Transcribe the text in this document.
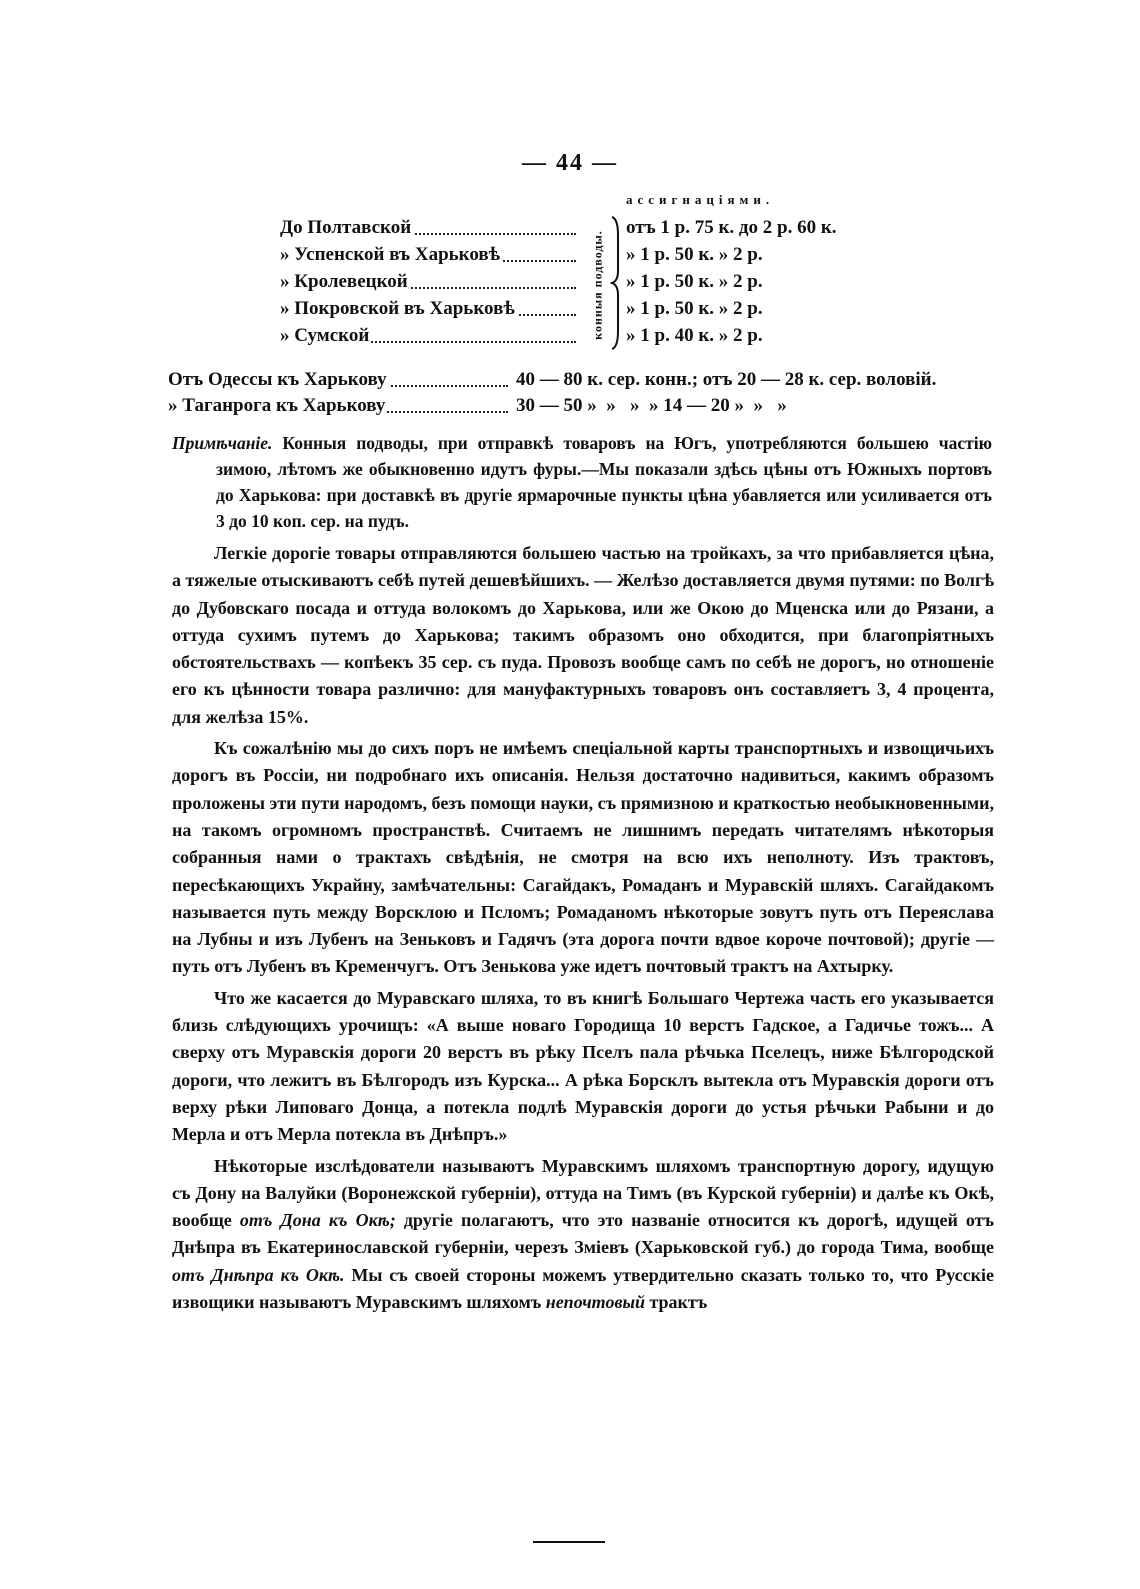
— 44 —
ассигнаціями.
конныя подводы.
До Полтавской	отъ 1 р. 75 к. до 2 р. 60 к.
» Успенской въ Харьковѣ	» 1 р. 50 к. » 2 р.
» Кролевецкой	» 1 р. 50 к. » 2 р.
» Покровской въ Харьковѣ	» 1 р. 50 к. » 2 р.
» Сумской	» 1 р. 40 к. » 2 р.
Отъ Одессы къ Харькову	40 — 80 к. сер. конн.; отъ 20 — 28 к. сер. воловій.
» Таганрога къ Харькову	30 — 50 »  »   »  » 14 — 20 »  »   »
Примѣчаніе. Конныя подводы, при отправкѣ товаровъ на Югъ, употребляются большею частію зимою, лѣтомъ же обыкновенно идутъ фуры.—Мы показали здѣсь цѣны отъ Южныхъ портовъ до Харькова: при доставкѣ въ другіе ярмарочные пункты цѣна убавляется или усиливается отъ 3 до 10 коп. сер. на пудъ.

Легкіе дорогіе товары отправляются большею частью на тройкахъ, за что прибавляется цѣна, а тяжелые отыскиваютъ себѣ путей дешевѣйшихъ. — Желѣзо доставляется двумя путями: по Волгѣ до Дубовскаго посада и оттуда волокомъ до Харькова, или же Окою до Мценска или до Рязани, а оттуда сухимъ путемъ до Харькова; такимъ образомъ оно обходится, при благопріятныхъ обстоятельствахъ — копѣекъ 35 сер. съ пуда. Провозъ вообще самъ по себѣ не дорогъ, но отношеніе его къ цѣнности товара различно: для мануфактурныхъ товаровъ онъ составляетъ 3, 4 процента, для желѣза 15%.

Къ сожалѣнію мы до сихъ поръ не имѣемъ спеціальной карты транспортныхъ и извощичьихъ дорогъ въ Россіи, ни подробнаго ихъ описанія. Нельзя достаточно надивиться, какимъ образомъ проложены эти пути народомъ, безъ помощи науки, съ прямизною и краткостью необыкновенными, на такомъ огромномъ пространствѣ. Считаемъ не лишнимъ передать читателямъ нѣкоторыя собранныя нами о трактахъ свѣдѣнія, не смотря на всю ихъ неполноту. Изъ трактовъ, пересѣкающихъ Украйну, замѣчательны: Сагайдакъ, Ромаданъ и Муравскій шляхъ. Сагайдакомъ называется путь между Ворсклою и Псломъ; Ромаданомъ нѣкоторые зовутъ путь отъ Переяслава на Лубны и изъ Лубенъ на Зеньковъ и Гадячъ (эта дорога почти вдвое короче почтовой); другіе — путь отъ Лубенъ въ Кременчугъ. Отъ Зенькова уже идетъ почтовый трактъ на Ахтырку.

Что же касается до Муравскаго шляха, то въ книгѣ Большаго Чертежа часть его указывается близь слѣдующихъ урочищъ: «А выше новаго Городища 10 верстъ Гадское, а Гадичье тожъ... А сверху отъ Муравскія дороги 20 верстъ въ рѣку Пселъ пала рѣчька Пселецъ, ниже Бѣлгородской дороги, что лежитъ въ Бѣлгородъ изъ Курска... А рѣка Борсклъ вытекла отъ Муравскія дороги отъ верху рѣки Липоваго Донца, а потекла подлѣ Муравскія дороги до устья рѣчьки Рабыни и до Мерла и отъ Мерла потекла въ Днѣпръ.»

Нѣкоторые изслѣдователи называютъ Муравскимъ шляхомъ транспортную дорогу, идущую съ Дону на Валуйки (Воронежской губерніи), оттуда на Тимъ (въ Курской губерніи) и далѣе къ Окѣ, вообще отъ Дона къ Окѣ; другіе полагаютъ, что это названіе относится къ дорогѣ, идущей отъ Днѣпра въ Екатеринославской губерніи, черезъ Зміевъ (Харьковской губ.) до города Тима, вообще отъ Днѣпра къ Окѣ. Мы съ своей стороны можемъ утвердительно сказать только то, что Русскіе извощики называютъ Муравскимъ шляхомъ непочтовый трактъ
